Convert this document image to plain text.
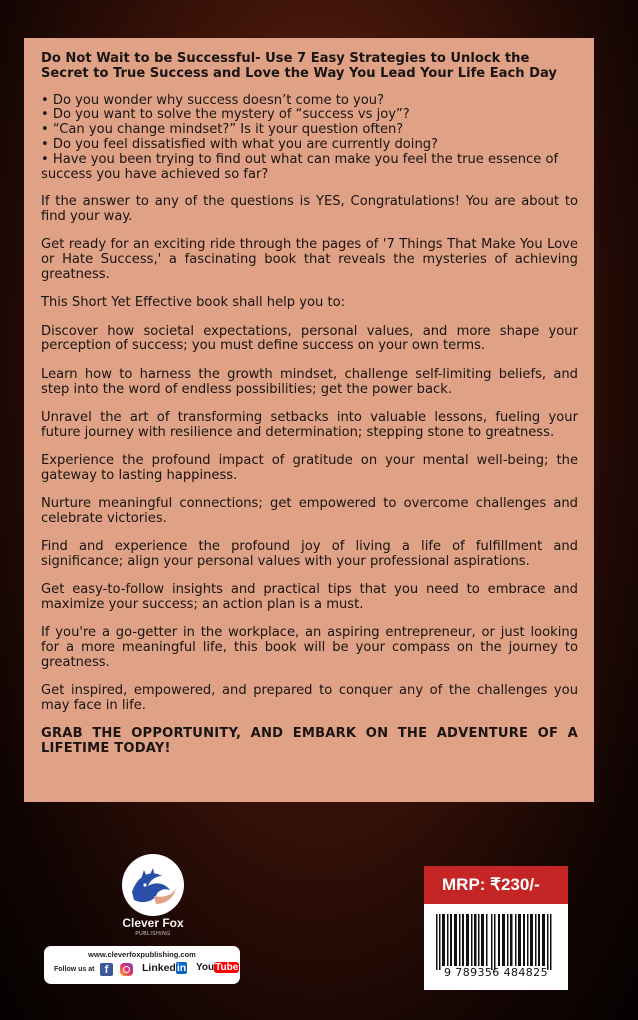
Do Not Wait to be Successful- Use 7 Easy Strategies to Unlock the Secret to True Success and Love the Way You Lead Your Life Each Day

• Do you wonder why success doesn’t come to you?
• Do you want to solve the mystery of “success vs joy”?
• “Can you change mindset?” Is it your question often?
• Do you feel dissatisfied with what you are currently doing?
• Have you been trying to find out what can make you feel the true essence of success you have achieved so far?

If the answer to any of the questions is YES, Congratulations! You are about to find your way.

Get ready for an exciting ride through the pages of '7 Things That Make You Love or Hate Success,' a fascinating book that reveals the mysteries of achieving greatness.

This Short Yet Effective book shall help you to:

Discover how societal expectations, personal values, and more shape your perception of success; you must define success on your own terms.

Learn how to harness the growth mindset, challenge self-limiting beliefs, and step into the word of endless possibilities; get the power back.

Unravel the art of transforming setbacks into valuable lessons, fueling your future journey with resilience and determination; stepping stone to greatness.

Experience the profound impact of gratitude on your mental well-being; the gateway to lasting happiness.

Nurture meaningful connections; get empowered to overcome challenges and celebrate victories.

Find and experience the profound joy of living a life of fulfillment and significance; align your personal values with your professional aspirations.

Get easy-to-follow insights and practical tips that you need to embrace and maximize your success; an action plan is a must.

If you're a go-getter in the workplace, an aspiring entrepreneur, or just looking for a more meaningful life, this book will be your compass on the journey to greatness.

Get inspired, empowered, and prepared to conquer any of the challenges you may face in life.

GRAB THE OPPORTUNITY, AND EMBARK ON THE ADVENTURE OF A LIFETIME TODAY!

Clever Fox
PUBLISHING
www.cleverfoxpublishing.com
Follow us at f	Linkedin YouTube
MRP: ₹230/-
9 789356 484825
